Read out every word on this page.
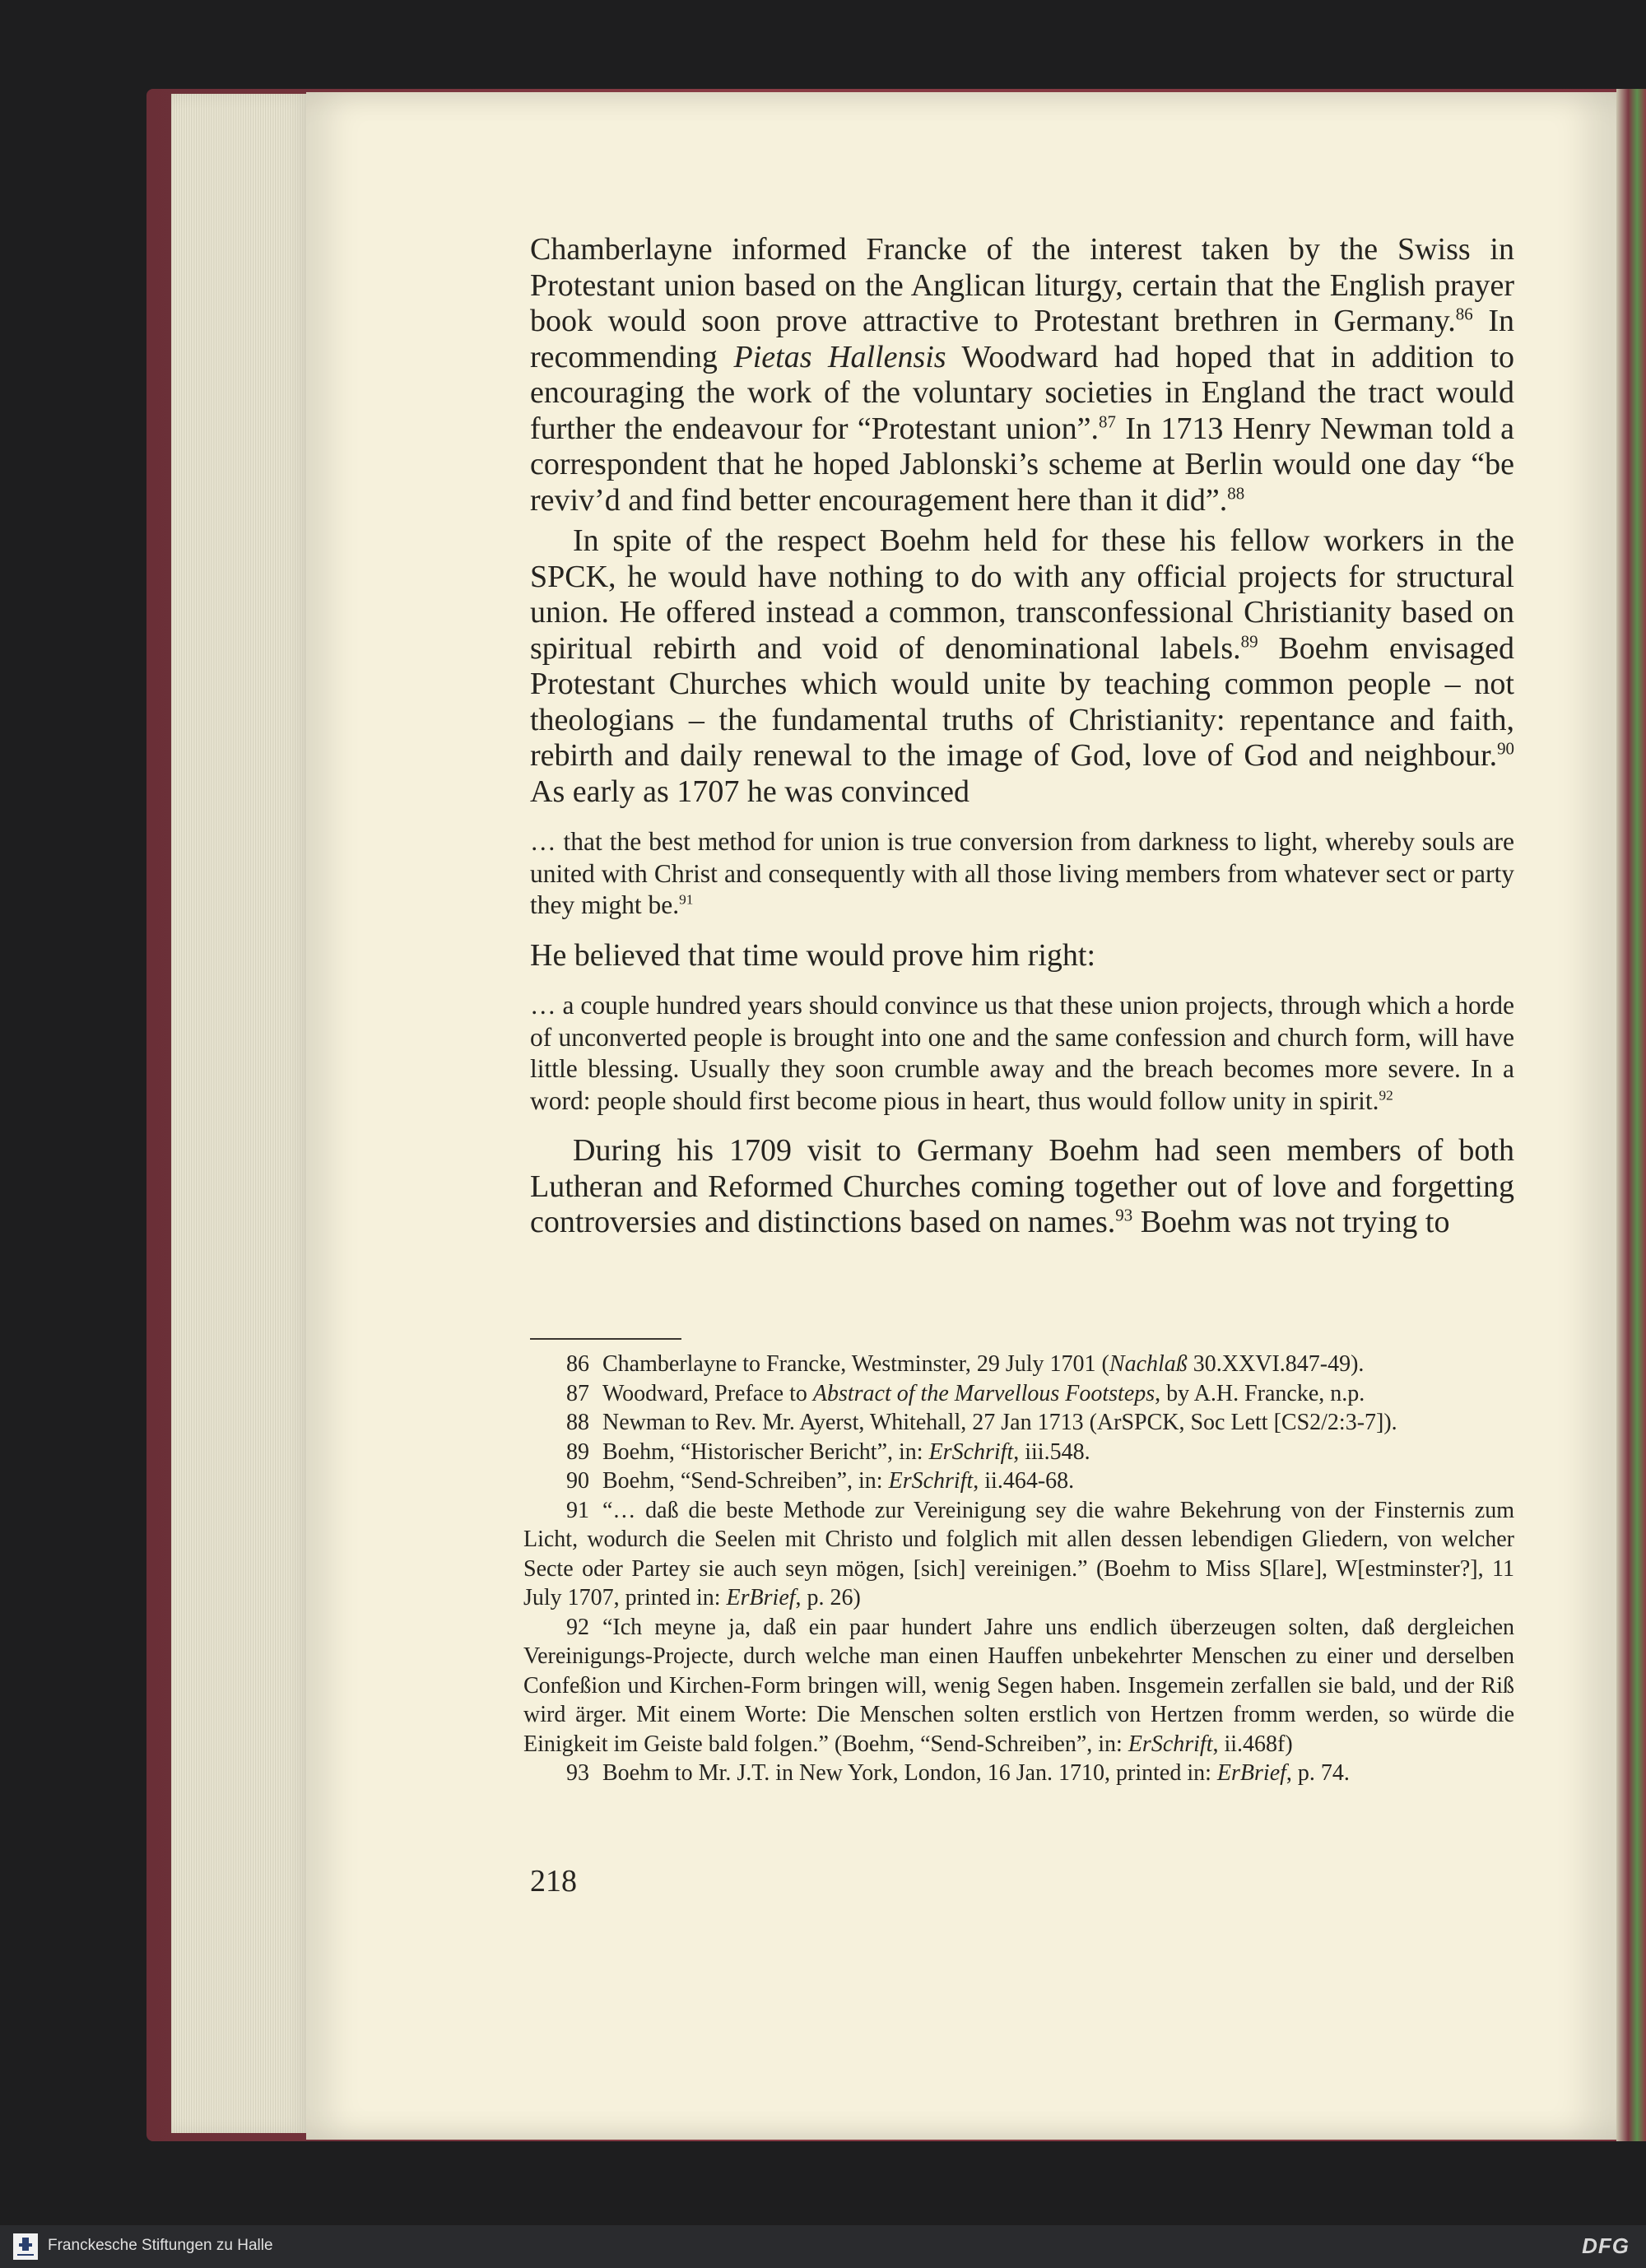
Chamberlayne informed Francke of the interest taken by the Swiss in Protestant union based on the Anglican liturgy, certain that the English prayer book would soon prove attractive to Protestant brethren in Germany.$^{86}$ In recommending Pietas Hallensis Woodward had hoped that in addition to encouraging the work of the voluntary societies in England the tract would further the endeavour for “Protestant union”.$^{87}$ In 1713 Henry Newman told a correspondent that he hoped Jablonski’s scheme at Berlin would one day “be reviv’d and find better encouragement here than it did”.$^{88}$

In spite of the respect Boehm held for these his fellow workers in the SPCK, he would have nothing to do with any official projects for structural union. He offered instead a common, transconfessional Christianity based on spiritual rebirth and void of denominational labels.$^{89}$ Boehm envisaged Protestant Churches which would unite by teaching common people – not theologians – the fundamental truths of Christianity: repentance and faith, rebirth and daily renewal to the image of God, love of God and neighbour.$^{90}$ As early as 1707 he was convinced

… that the best method for union is true conversion from darkness to light, whereby souls are united with Christ and consequently with all those living members from whatever sect or party they might be.$^{91}$

He believed that time would prove him right:

… a couple hundred years should convince us that these union projects, through which a horde of unconverted people is brought into one and the same confession and church form, will have little blessing. Usually they soon crumble away and the breach becomes more severe. In a word: people should first become pious in heart, thus would follow unity in spirit.$^{92}$

During his 1709 visit to Germany Boehm had seen members of both Lutheran and Reformed Churches coming together out of love and forgetting controversies and distinctions based on names.$^{93}$ Boehm was not trying to

86 Chamberlayne to Francke, Westminster, 29 July 1701 (Nachlaß 30.XXVI.847-49).

87 Woodward, Preface to Abstract of the Marvellous Footsteps, by A.H. Francke, n.p.

88 Newman to Rev. Mr. Ayerst, Whitehall, 27 Jan 1713 (ArSPCK, Soc Lett [CS2/2:3-7]).

89 Boehm, “Historischer Bericht”, in: ErSchrift, iii.548.

90 Boehm, “Send-Schreiben”, in: ErSchrift, ii.464-68.

91 “… daß die beste Methode zur Vereinigung sey die wahre Bekehrung von der Finsternis zum Licht, wodurch die Seelen mit Christo und folglich mit allen dessen lebendigen Gliedern, von welcher Secte oder Partey sie auch seyn mögen, [sich] vereinigen.” (Boehm to Miss S[lare], W[estminster?], 11 July 1707, printed in: ErBrief, p. 26)

92 “Ich meyne ja, daß ein paar hundert Jahre uns endlich überzeugen solten, daß dergleichen Vereinigungs-Projecte, durch welche man einen Hauffen unbekehrter Menschen zu einer und derselben Confeßion und Kirchen-Form bringen will, wenig Segen haben. Insgemein zerfallen sie bald, und der Riß wird ärger. Mit einem Worte: Die Menschen solten erstlich von Hertzen fromm werden, so würde die Einigkeit im Geiste bald folgen.” (Boehm, “Send-Schreiben”, in: ErSchrift, ii.468f)

93 Boehm to Mr. J.T. in New York, London, 16 Jan. 1710, printed in: ErBrief, p. 74.

218
Franckesche Stiftungen zu Halle	DFG
